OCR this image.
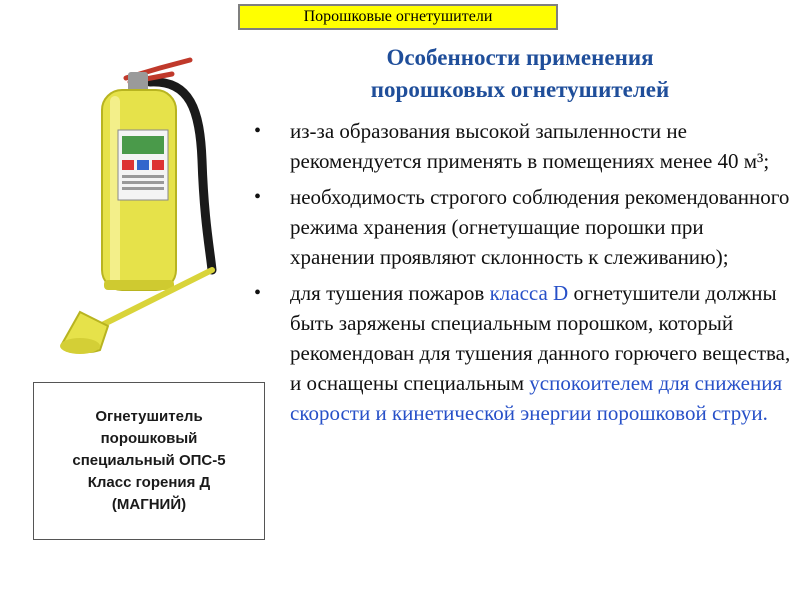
Порошковые огнетушители
Особенности применения
порошковых огнетушителей
• из-за образования высокой запыленности не рекомендуется применять в помещениях менее 40 м³;
• необходимость строгого соблюдения рекомендованного режима хранения (огнетушащие порошки при хранении проявляют склонность к слеживанию);
• для тушения пожаров класса D огнетушители должны быть заряжены специальным порошком, который рекомендован для тушения данного горючего вещества, и оснащены специальным успокоителем для снижения скорости и кинетической энергии порошковой струи.
Огнетушитель
порошковый
специальный ОПС-5
Класс горения Д
(МАГНИЙ)
